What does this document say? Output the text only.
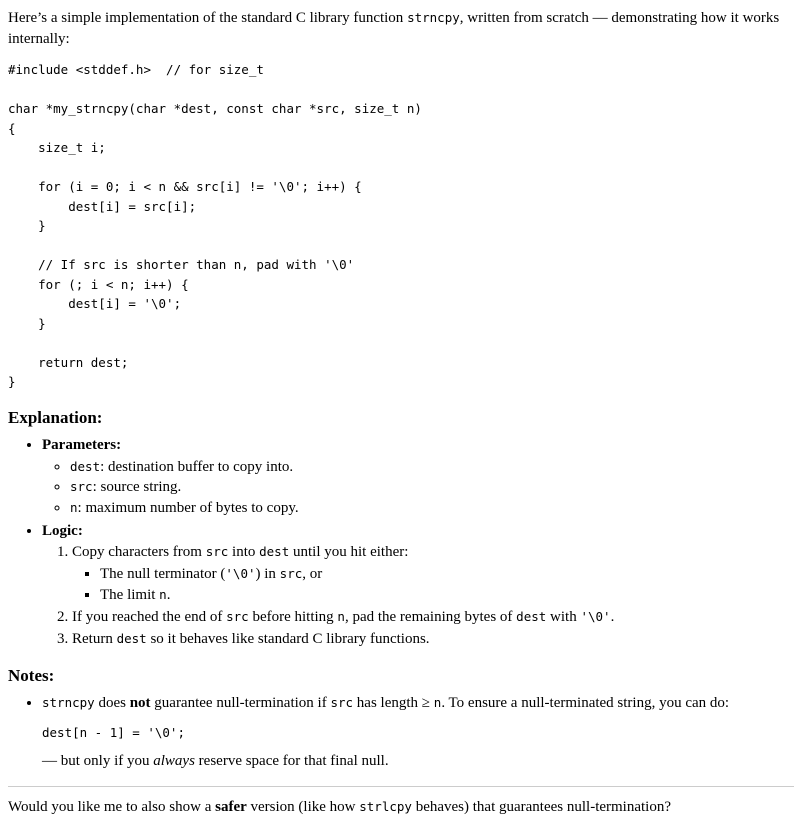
Here’s a simple implementation of the standard C library function strncpy, written from scratch — demonstrating how it works internally:

#include <stddef.h>  // for size_t

char *my_strncpy(char *dest, const char *src, size_t n)
{
size_t i;

for (i = 0; i < n && src[i] != '\0'; i++) {
dest[i] = src[i];
}

// If src is shorter than n, pad with '\0'
for (; i < n; i++) {
dest[i] = '\0';
}

return dest;
}
Explanation:
• Parameters:
◦ dest: destination buffer to copy into.
◦ src: source string.
◦ n: maximum number of bytes to copy.
• Logic:
1. Copy characters from src into dest until you hit either:
▪ The null terminator ('\0') in src, or
▪ The limit n.
2. If you reached the end of src before hitting n, pad the remaining bytes of dest with '\0'.
3. Return dest so it behaves like standard C library functions.
Notes:
• strncpy does not guarantee null-termination if src has length ≥ n. To ensure a null-terminated string, you can do:
dest[n - 1] = '\0';
— but only if you always reserve space for that final null.

Would you like me to also show a safer version (like how strlcpy behaves) that guarantees null-termination?
